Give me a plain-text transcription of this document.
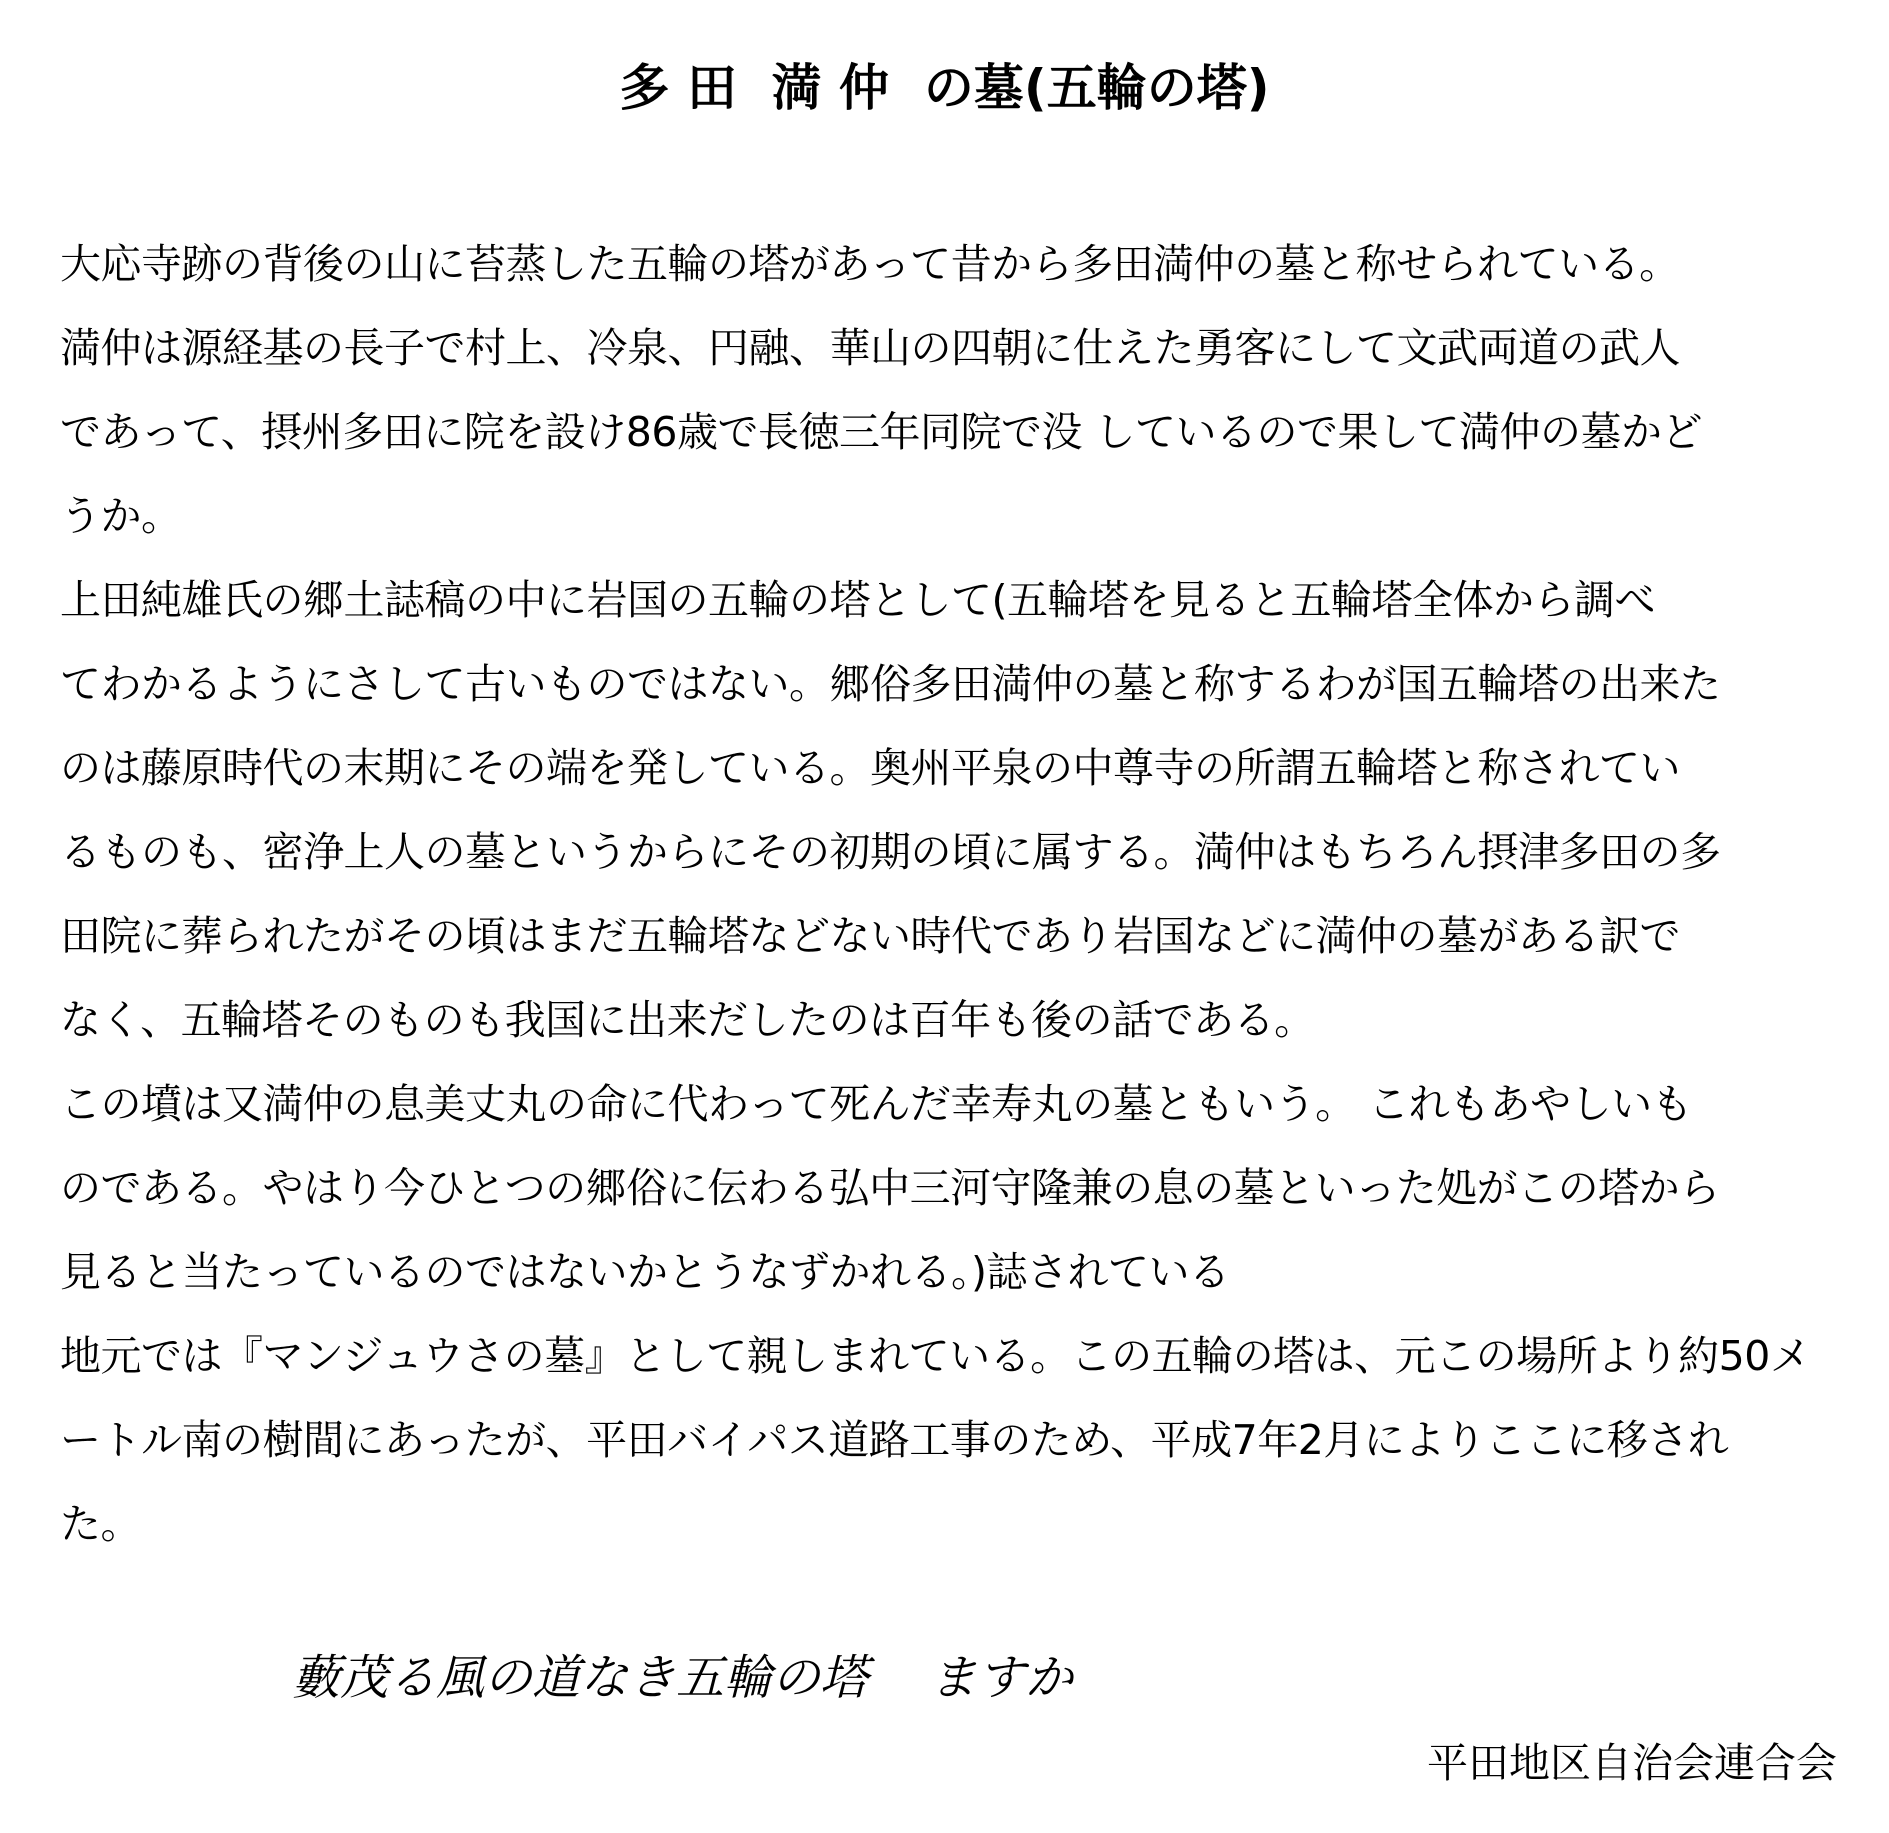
多 田  満 仲  の墓(五輪の塔)
大応寺跡の背後の山に苔蒸した五輪の塔があって昔から多田満仲の墓と称せられている。
満仲は源経基の長子で村上、冷泉、円融、華山の四朝に仕えた勇客にして文武両道の武人
であって、摂州多田に院を設け86歳で長徳三年同院で没 しているので果して満仲の墓かど
うか。
上田純雄氏の郷土誌稿の中に岩国の五輪の塔として(五輪塔を見ると五輪塔全体から調べ
てわかるようにさして古いものではない。郷俗多田満仲の墓と称するわが国五輪塔の出来た
のは藤原時代の末期にその端を発している。奥州平泉の中尊寺の所謂五輪塔と称されてい
るものも、密浄上人の墓というからにその初期の頃に属する。満仲はもちろん摂津多田の多
田院に葬られたがその頃はまだ五輪塔などない時代であり岩国などに満仲の墓がある訳で
なく、五輪塔そのものも我国に出来だしたのは百年も後の話である。
この墳は又満仲の息美丈丸の命に代わって死んだ幸寿丸の墓ともいう。 これもあやしいも
のである。やはり今ひとつの郷俗に伝わる弘中三河守隆兼の息の墓といった処がこの塔から
見ると当たっているのではないかとうなずかれる。)誌されている
地元では『マンジュウさの墓』として親しまれている。この五輪の塔は、元この場所より約50メ
ートル南の樹間にあったが、平田バイパス道路工事のため、平成7年2月によりここに移され
た。
藪茂る風の道なき五輪の塔    ますか
平田地区自治会連合会
